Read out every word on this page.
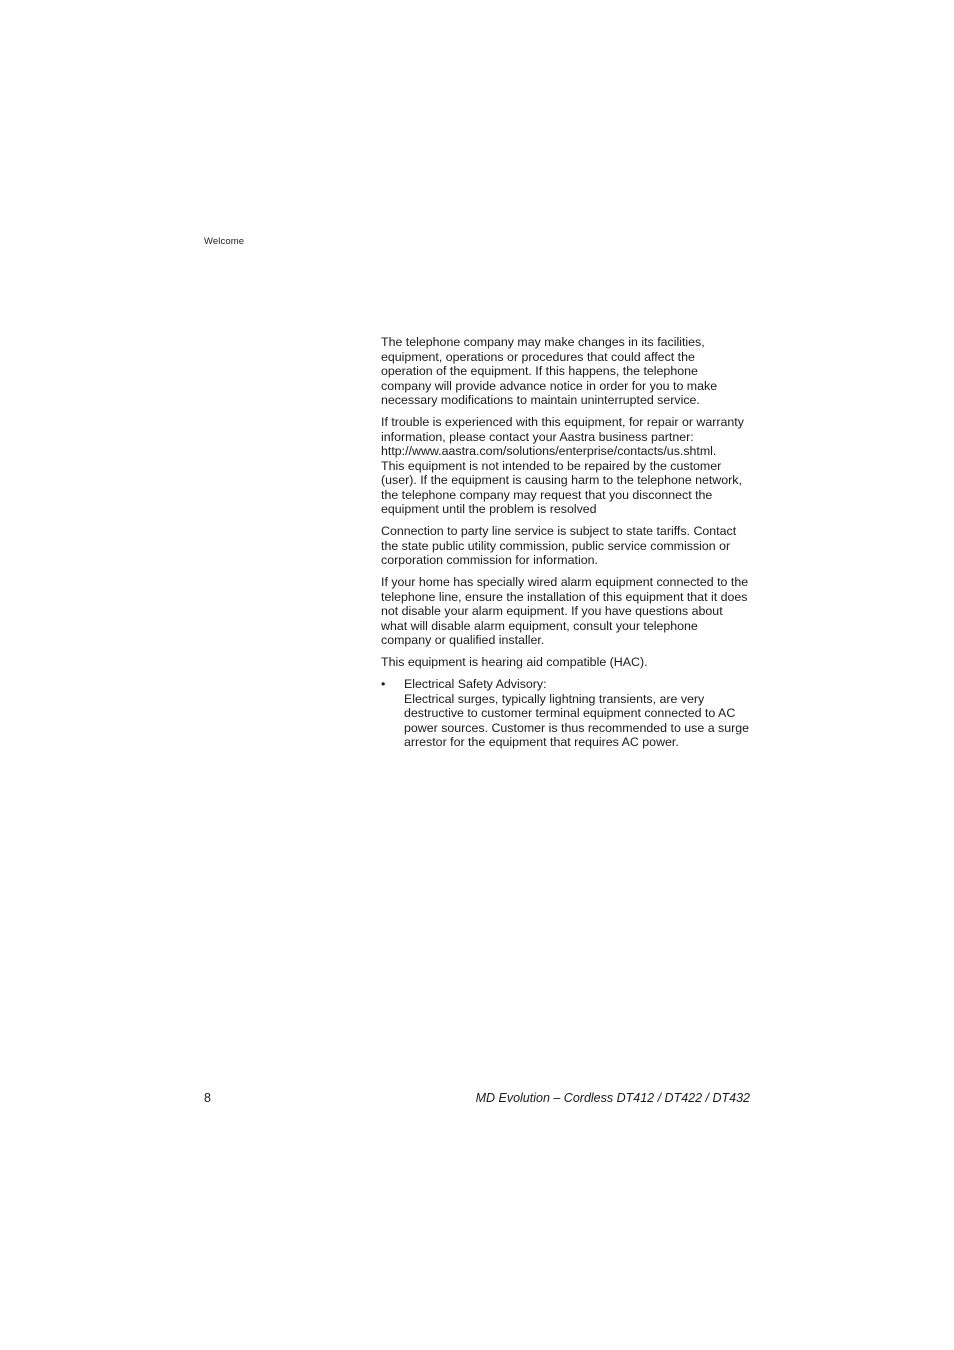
Welcome

The telephone company may make changes in its facilities,
equipment, operations or procedures that could affect the
operation of the equipment. If this happens, the telephone
company will provide advance notice in order for you to make
necessary modifications to maintain uninterrupted service.

If trouble is experienced with this equipment, for repair or warranty
information, please contact your Aastra business partner:
http://www.aastra.com/solutions/enterprise/contacts/us.shtml.
This equipment is not intended to be repaired by the customer
(user). If the equipment is causing harm to the telephone network,
the telephone company may request that you disconnect the
equipment until the problem is resolved

Connection to party line service is subject to state tariffs. Contact
the state public utility commission, public service commission or
corporation commission for information.

If your home has specially wired alarm equipment connected to the
telephone line, ensure the installation of this equipment that it does
not disable your alarm equipment. If you have questions about
what will disable alarm equipment, consult your telephone
company or qualified installer.

This equipment is hearing aid compatible (HAC).

•	Electrical Safety Advisory:
Electrical surges, typically lightning transients, are very
destructive to customer terminal equipment connected to AC
power sources. Customer is thus recommended to use a surge
arrestor for the equipment that requires AC power.
8	MD Evolution – Cordless DT412 / DT422 / DT432
